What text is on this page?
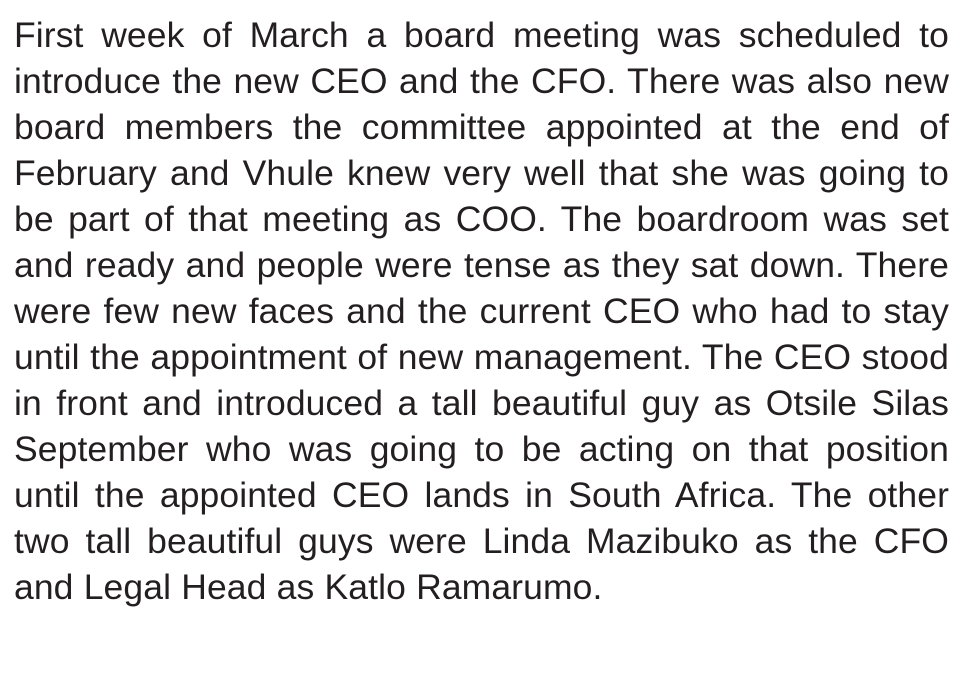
First week of March a board meeting was scheduled to introduce the new CEO and the CFO. There was also new board members the committee appointed at the end of February and Vhule knew very well that she was going to be part of that meeting as COO. The boardroom was set and ready and people were tense as they sat down. There were few new faces and the current CEO who had to stay until the appointment of new management. The CEO stood in front and introduced a tall beautiful guy as Otsile Silas September who was going to be acting on that position until the appointed CEO lands in South Africa. The other two tall beautiful guys were Linda Mazibuko as the CFO and Legal Head as Katlo Ramarumo.
